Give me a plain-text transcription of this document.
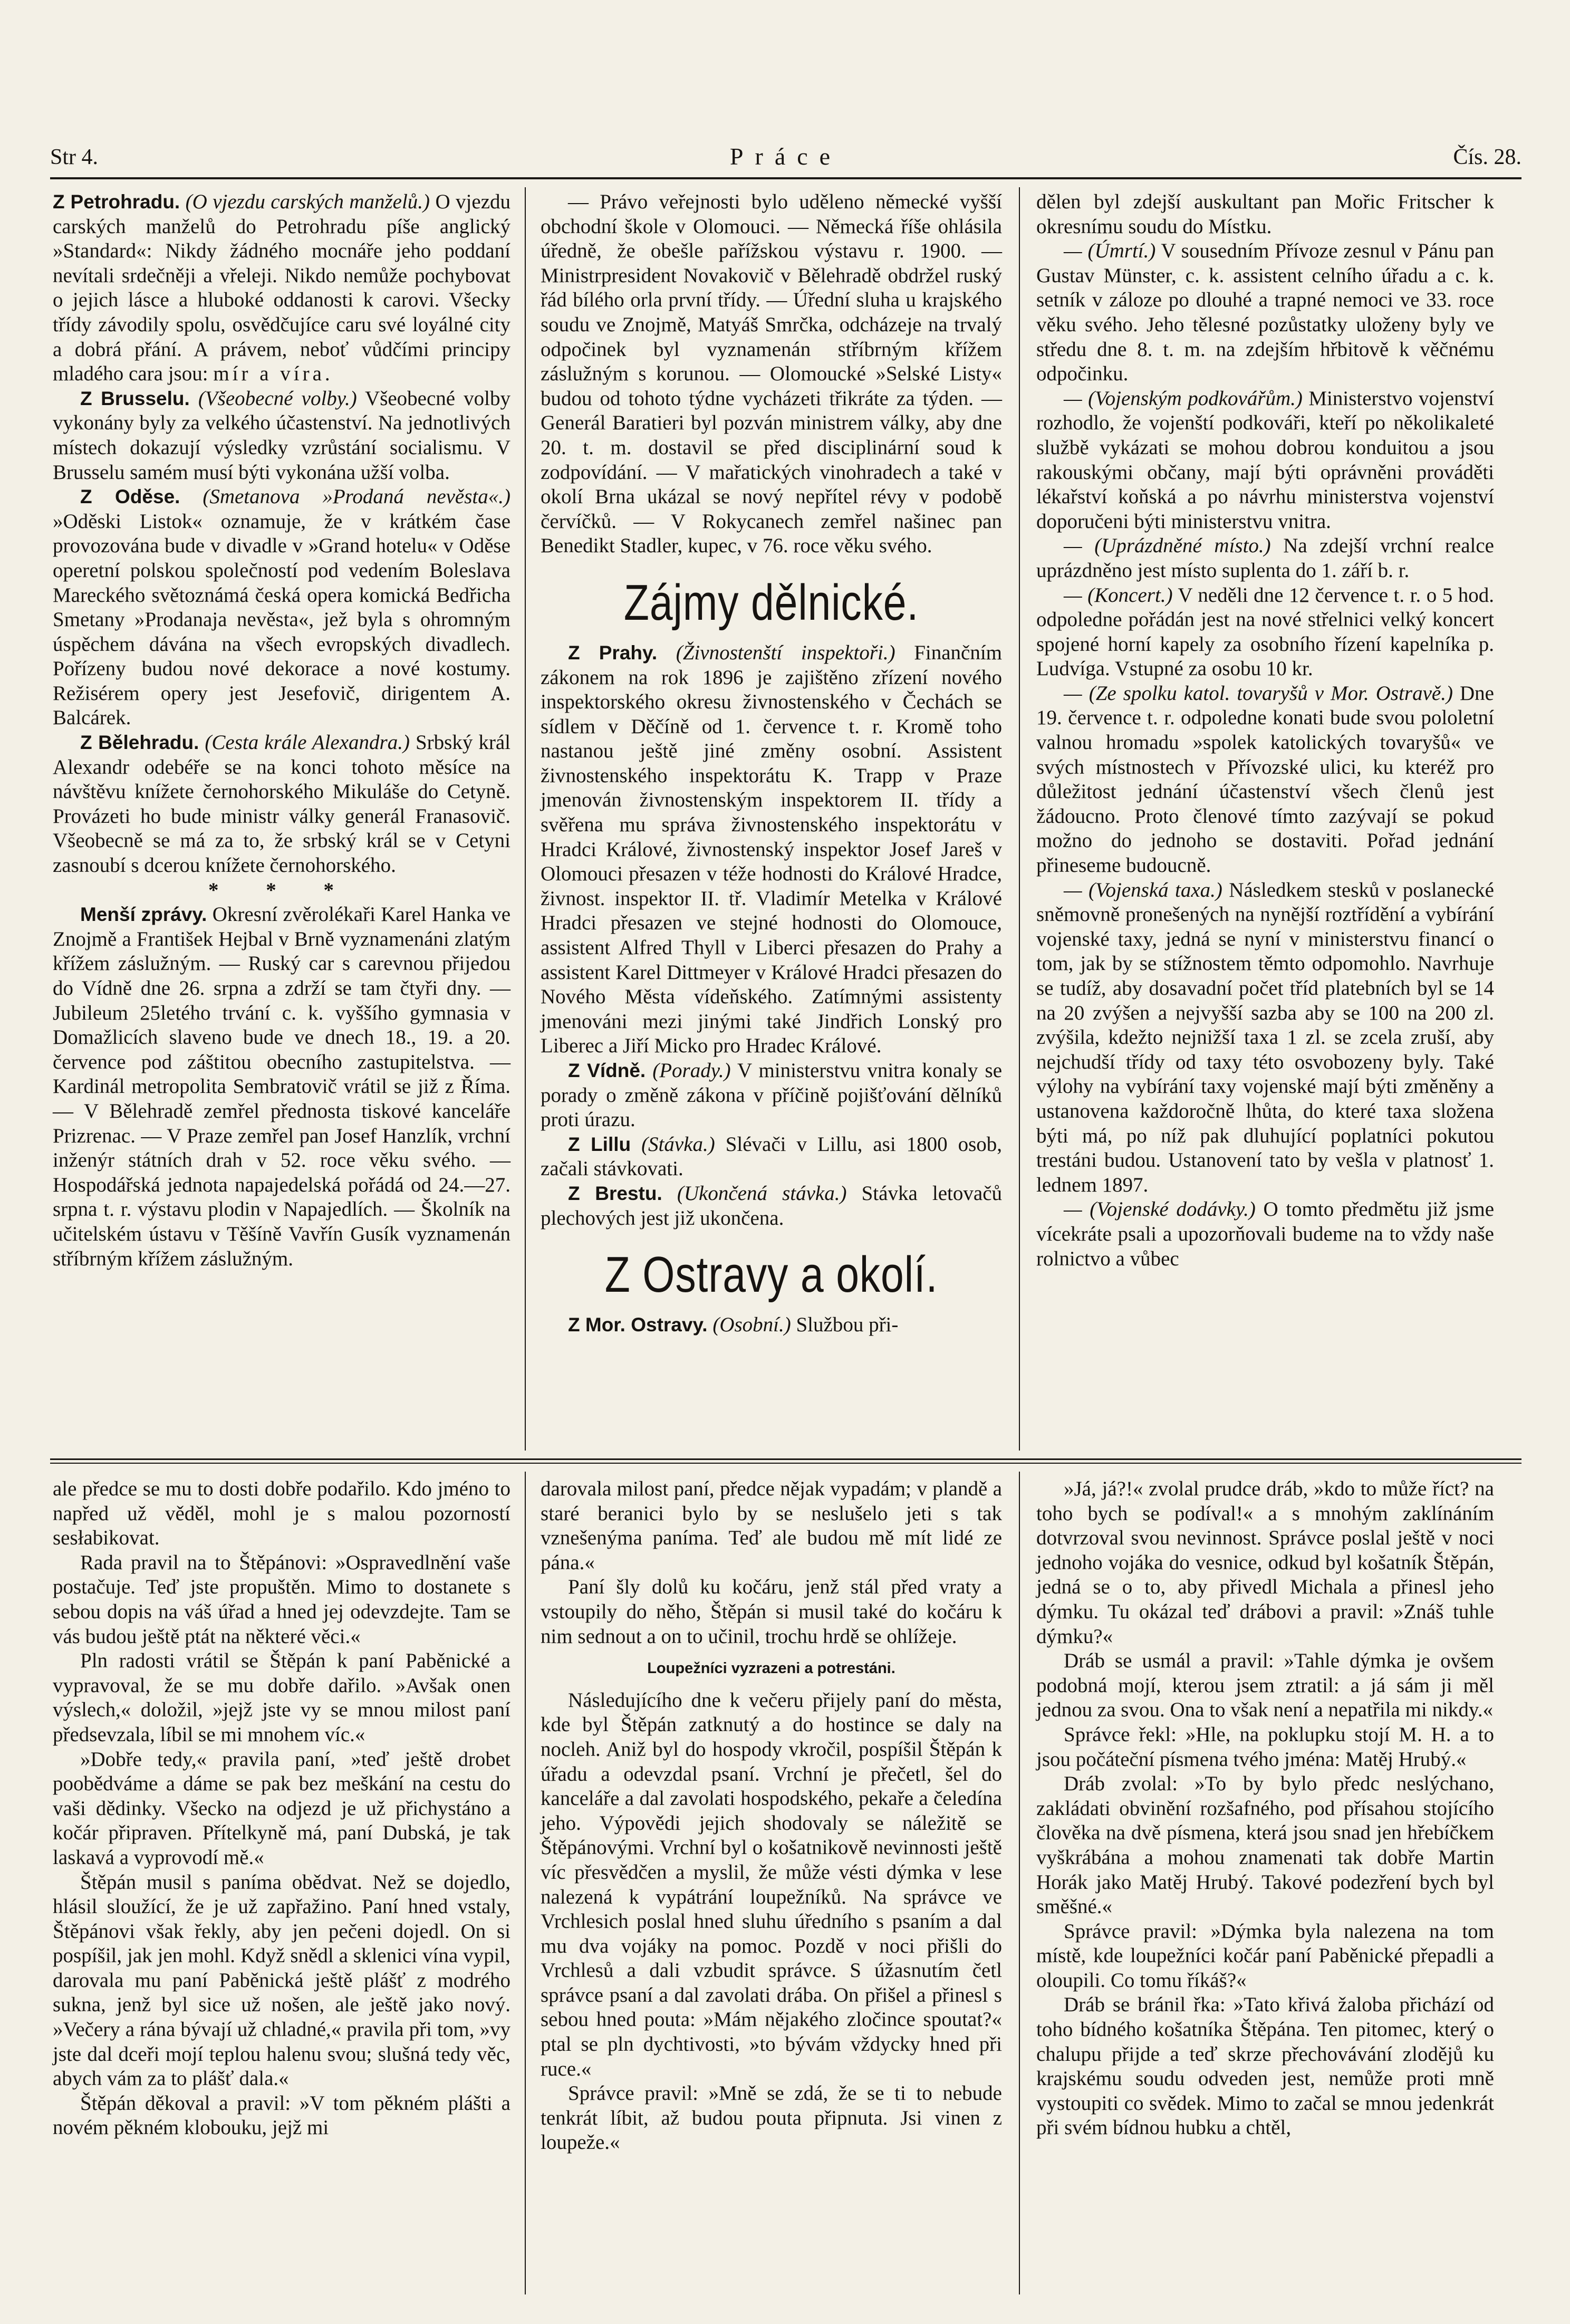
Str 4.	Práce	Čís. 28.

Z Petrohradu. (O vjezdu carských manželů.) O vjezdu carských manželů do Petrohradu píše anglický »Standard«: Nikdy žádného mocnáře jeho poddaní nevítali srdečněji a vřeleji. Nikdo nemůže pochybovat o jejich lásce a hluboké oddanosti k carovi. Všecky třídy závodily spolu, osvědčujíce caru své loyálné city a dobrá přání. A právem, neboť vůdčími principy mladého cara jsou: mír a víra.

Z Brusselu. (Všeobecné volby.) Všeobecné volby vykonány byly za velkého účastenství. Na jednotlivých místech dokazují výsledky vzrůstání socialismu. V Brusselu samém musí býti vykonána užší volba.

Z Oděse. (Smetanova »Prodaná nevěsta«.) »Oděski Listok« oznamuje, že v krátkém čase provozována bude v divadle v »Grand hotelu« v Oděse operetní polskou společností pod vedením Boleslava Mareckého světoznámá česká opera komická Bedřicha Smetany »Prodanaja nevěsta«, jež byla s ohromným úspěchem dávána na všech evropských divadlech. Pořízeny budou nové dekorace a nové kostumy. Režisérem opery jest Jesefovič, dirigentem A. Balcárek.

Z Bělehradu. (Cesta krále Alexandra.) Srbský král Alexandr odebéře se na konci tohoto měsíce na návštěvu knížete černohorského Mikuláše do Cetyně. Provázeti ho bude ministr války generál Franasovič. Všeobecně se má za to, že srbský král se v Cetyni zasnoubí s dcerou knížete černohorského.

* * *

Menší zprávy. Okresní zvěrolékaři Karel Hanka ve Znojmě a František Hejbal v Brně vyznamenáni zlatým křížem záslužným. — Ruský car s carevnou přijedou do Vídně dne 26. srpna a zdrží se tam čtyři dny. — Jubileum 25letého trvání c. k. vyššího gymnasia v Domažlicích slaveno bude ve dnech 18., 19. a 20. července pod záštitou obecního zastupitelstva. — Kardinál metropolita Sembratovič vrátil se již z Říma. — V Bělehradě zemřel přednosta tiskové kanceláře Prizrenac. — V Praze zemřel pan Josef Hanzlík, vrchní inženýr státních drah v 52. roce věku svého. — Hospodářská jednota napajedelská pořádá od 24.—27. srpna t. r. výstavu plodin v Napajedlích. — Školník na učitelském ústavu v Těšíně Vavřín Gusík vyznamenán stříbrným křížem záslužným.

— Právo veřejnosti bylo uděleno německé vyšší obchodní škole v Olomouci. — Německá říše ohlásila úředně, že obešle pařížskou výstavu r. 1900. — Ministrpresident Novakovič v Bělehradě obdržel ruský řád bílého orla první třídy. — Úřední sluha u krajského soudu ve Znojmě, Matyáš Smrčka, odcházeje na trvalý odpočinek byl vyznamenán stříbrným křížem záslužným s korunou. — Olomoucké »Selské Listy« budou od tohoto týdne vycházeti třikráte za týden. — Generál Baratieri byl pozván ministrem války, aby dne 20. t. m. dostavil se před disciplinární soud k zodpovídání. — V mařatických vinohradech a také v okolí Brna ukázal se nový nepřítel révy v podobě červíčků. — V Rokycanech zemřel našinec pan Benedikt Stadler, kupec, v 76. roce věku svého.

Zájmy dělnické.

Z Prahy. (Živnostenští inspektoři.) Finančním zákonem na rok 1896 je zajištěno zřízení nového inspektorského okresu živnostenského v Čechách se sídlem v Děčíně od 1. července t. r. Kromě toho nastanou ještě jiné změny osobní. Assistent živnostenského inspektorátu K. Trapp v Praze jmenován živnostenským inspektorem II. třídy a svěřena mu správa živnostenského inspektorátu v Hradci Králové, živnostenský inspektor Josef Jareš v Olomouci přesazen v téže hodnosti do Králové Hradce, živnost. inspektor II. tř. Vladimír Metelka v Králové Hradci přesazen ve stejné hodnosti do Olomouce, assistent Alfred Thyll v Liberci přesazen do Prahy a assistent Karel Dittmeyer v Králové Hradci přesazen do Nového Města vídeňského. Zatímnými assistenty jmenováni mezi jinými také Jindřich Lonský pro Liberec a Jiří Micko pro Hradec Králové.

Z Vídně. (Porady.) V ministerstvu vnitra konaly se porady o změně zákona v příčině pojišťování dělníků proti úrazu.

Z Lillu (Stávka.) Slévači v Lillu, asi 1800 osob, začali stávkovati.

Z Brestu. (Ukončená stávka.) Stávka letovačů plechových jest již ukončena.

Z Ostravy a okolí.

Z Mor. Ostravy. (Osobní.) Službou při-

dělen byl zdejší auskultant pan Mořic Fritscher k okresnímu soudu do Místku.

— (Úmrtí.) V sousedním Přívoze zesnul v Pánu pan Gustav Münster, c. k. assistent celního úřadu a c. k. setník v záloze po dlouhé a trapné nemoci ve 33. roce věku svého. Jeho tělesné pozůstatky uloženy byly ve středu dne 8. t. m. na zdejším hřbitově k věčnému odpočinku.

— (Vojenským podkovářům.) Ministerstvo vojenství rozhodlo, že vojenští podkováři, kteří po několikaleté službě vykázati se mohou dobrou konduitou a jsou rakouskými občany, mají býti oprávněni prováděti lékařství koňská a po návrhu ministerstva vojenství doporučeni býti ministerstvu vnitra.

— (Uprázdněné místo.) Na zdejší vrchní realce uprázdněno jest místo suplenta do 1. září b. r.

— (Koncert.) V neděli dne 12 července t. r. o 5 hod. odpoledne pořádán jest na nové střelnici velký koncert spojené horní kapely za osobního řízení kapelníka p. Ludvíga. Vstupné za osobu 10 kr.

— (Ze spolku katol. tovaryšů v Mor. Ostravě.) Dne 19. července t. r. odpoledne konati bude svou pololetní valnou hromadu »spolek katolických tovaryšů« ve svých místnostech v Přívozské ulici, ku kteréž pro důležitost jednání účastenství všech členů jest žádoucno. Proto členové tímto zazývají se pokud možno do jednoho se dostaviti. Pořad jednání přineseme budoucně.

— (Vojenská taxa.) Následkem stesků v poslanecké sněmovně pronešených na nynější roztřídění a vybírání vojenské taxy, jedná se nyní v ministerstvu financí o tom, jak by se stížnostem těmto odpomohlo. Navrhuje se tudíž, aby dosavadní počet tříd platebních byl se 14 na 20 zvýšen a nejvyšší sazba aby se 100 na 200 zl. zvýšila, kdežto nejnižší taxa 1 zl. se zcela zruší, aby nejchudší třídy od taxy této osvobozeny byly. Také výlohy na vybírání taxy vojenské mají býti změněny a ustanovena každoročně lhůta, do které taxa složena býti má, po níž pak dluhující poplatníci pokutou trestáni budou. Ustanovení tato by vešla v platnosť 1. lednem 1897.

— (Vojenské dodávky.) O tomto předmětu již jsme vícekráte psali a upozorňovali budeme na to vždy naše rolnictvo a vůbec

ale předce se mu to dosti dobře podařilo. Kdo jméno to napřed už věděl, mohl je s malou pozorností sesłabikovat.

Rada pravil na to Štěpánovi: »Ospravedlnění vaše postačuje. Teď jste propuštěn. Mimo to dostanete s sebou dopis na váš úřad a hned jej odevzdejte. Tam se vás budou ještě ptát na některé věci.«

Pln radosti vrátil se Štěpán k paní Paběnické a vypravoval, že se mu dobře dařilo. »Avšak onen výslech,« doložil, »jejž jste vy se mnou milost paní předsevzala, líbil se mi mnohem víc.«

»Dobře tedy,« pravila paní, »teď ještě drobet poobědváme a dáme se pak bez meškání na cestu do vaši dědinky. Všecko na odjezd je už přichystáno a kočár připraven. Přítelkyně má, paní Dubská, je tak laskavá a vyprovodí mě.«

Štěpán musil s paníma obědvat. Než se dojedlo, hlásil sloužící, že je už zapřažino. Paní hned vstaly, Štěpánovi však řekly, aby jen pečeni dojedl. On si pospíšil, jak jen mohl. Když snědl a sklenici vína vypil, darovala mu paní Paběnická ještě plášť z modrého sukna, jenž byl sice už nošen, ale ještě jako nový. »Večery a rána bývají už chladné,« pravila při tom, »vy jste dal dceři mojí teplou halenu svou; slušná tedy věc, abych vám za to plášť dala.«

Štěpán děkoval a pravil: »V tom pěkném plášti a novém pěkném klobouku, jejž mi

darovala milost paní, předce nějak vypadám; v plandě a staré beranici bylo by se neslušelo jeti s tak vznešenýma paníma. Teď ale budou mě mít lidé ze pána.«

Paní šly dolů ku kočáru, jenž stál před vraty a vstoupily do něho, Štěpán si musil také do kočáru k nim sednout a on to učinil, trochu hrdě se ohlížeje.

Loupežníci vyzrazeni a potrestáni.

Následujícího dne k večeru přijely paní do města, kde byl Štěpán zatknutý a do hostince se daly na nocleh. Aniž byl do hospody vkročil, pospíšil Štěpán k úřadu a odevzdal psaní. Vrchní je přečetl, šel do kanceláře a dal zavolati hospodského, pekaře a čeledína jeho. Výpovědi jejich shodovaly se náležitě se Štěpánovými. Vrchní byl o košatnikově nevinnosti ještě víc přesvědčen a myslil, že může vésti dýmka v lese nalezená k vypátrání loupežníků. Na správce ve Vrchlesich poslal hned sluhu úředního s psaním a dal mu dva vojáky na pomoc. Pozdě v noci přišli do Vrchlesů a dali vzbudit správce. S úžasnutím četl správce psaní a dal zavolati drába. On přišel a přinesl s sebou hned pouta: »Mám nějakého zločince spoutat?« ptal se pln dychtivosti, »to bývám vždycky hned při ruce.«

Správce pravil: »Mně se zdá, že se ti to nebude tenkrát líbit, až budou pouta připnuta. Jsi vinen z loupeže.«

»Já, já?!« zvolal prudce dráb, »kdo to může říct? na toho bych se podíval!« a s mnohým zaklínáním dotvrzoval svou nevinnost. Správce poslal ještě v noci jednoho vojáka do vesnice, odkud byl košatník Štěpán, jedná se o to, aby přivedl Michala a přinesl jeho dýmku. Tu okázal teď drábovi a pravil: »Znáš tuhle dýmku?«

Dráb se usmál a pravil: »Tahle dýmka je ovšem podobná mojí, kterou jsem ztratil: a já sám ji měl jednou za svou. Ona to však není a nepatřila mi nikdy.«

Správce řekl: »Hle, na poklupku stojí M. H. a to jsou počáteční písmena tvého jména: Matěj Hrubý.«

Dráb zvolal: »To by bylo předc neslýchano, zakládati obvinění rozšafného, pod přísahou stojícího člověka na dvě písmena, která jsou snad jen hřebíčkem vyškrábána a mohou znamenati tak dobře Martin Horák jako Matěj Hrubý. Takové podezření bych byl směšné.«

Správce pravil: »Dýmka byla nalezena na tom místě, kde loupežníci kočár paní Paběnické přepadli a oloupili. Co tomu říkáš?«

Dráb se bránil řka: »Tato křivá žaloba přichází od toho bídného košatníka Štěpána. Ten pitomec, který o chalupu přijde a teď skrze přechovávání zlodějů ku krajskému soudu odveden jest, nemůže proti mně vystoupiti co svědek. Mimo to začal se mnou jedenkrát při svém bídnou hubku a chtěl,
